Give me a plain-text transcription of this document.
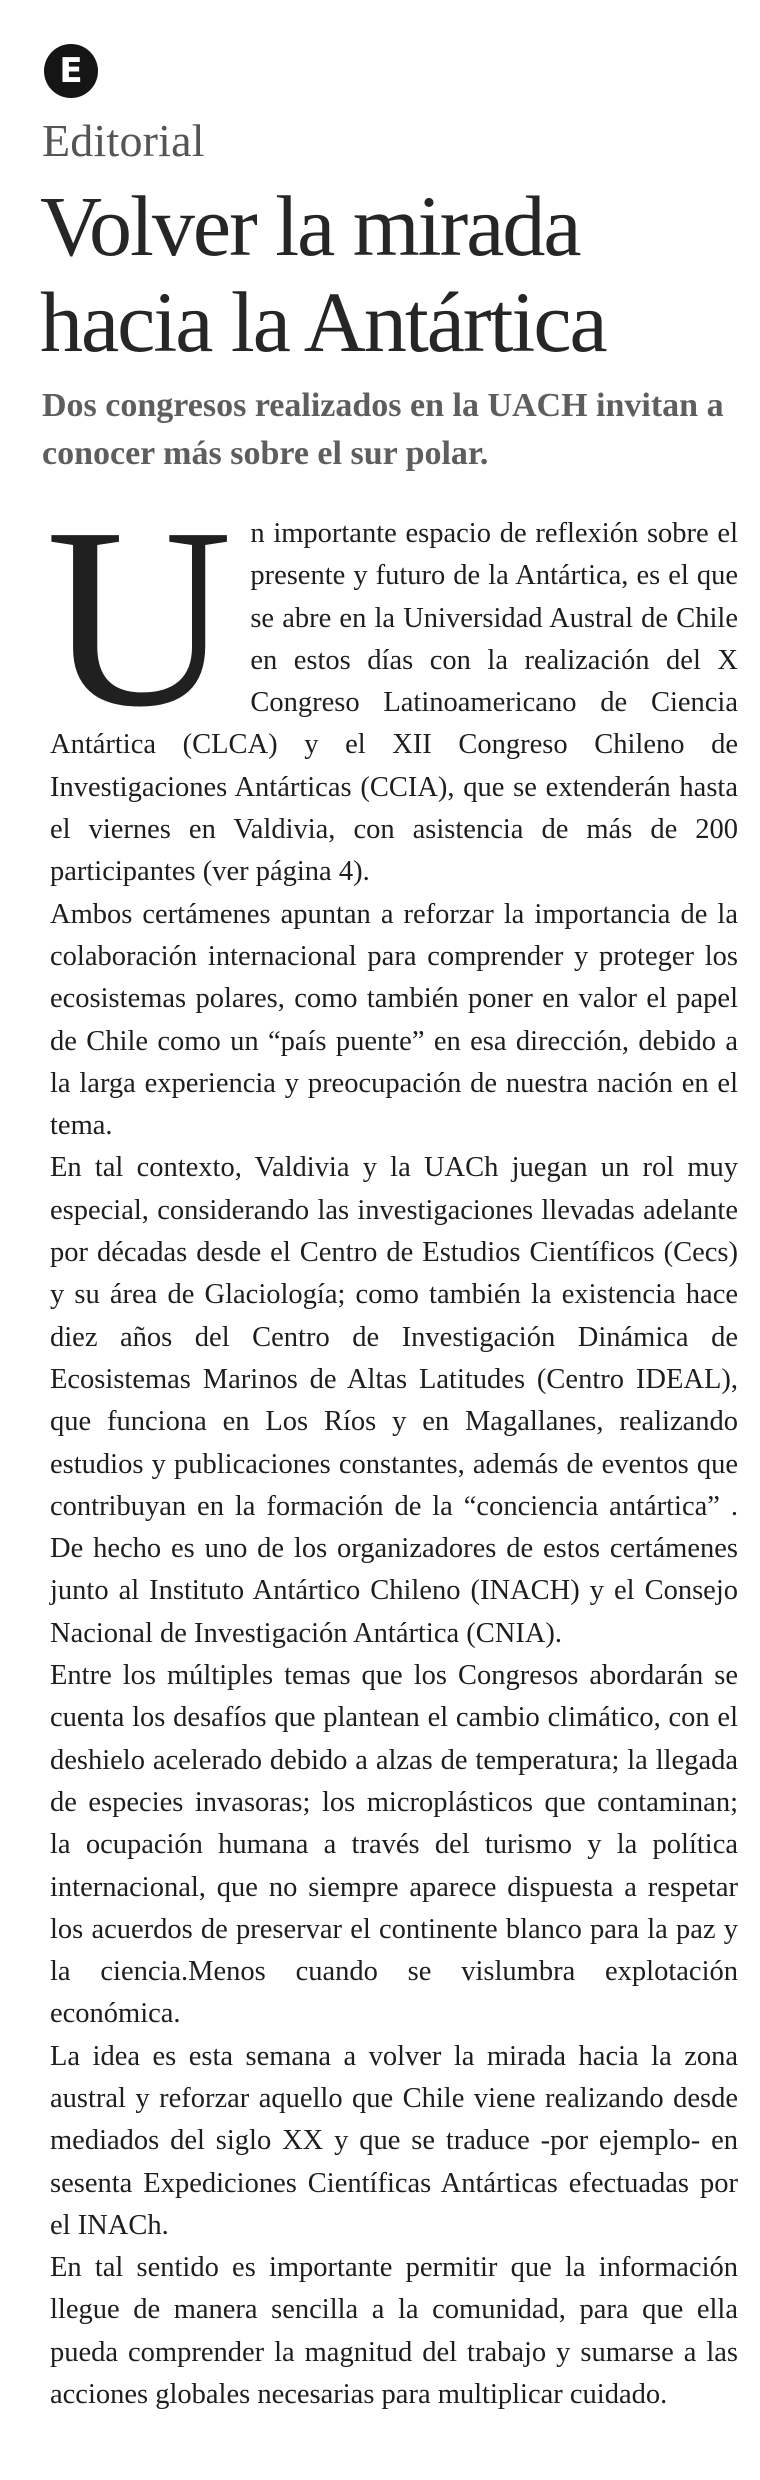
E
Editorial
Volver la mirada hacia la Antártica

Dos congresos realizados en la UACH invitan a conocer más sobre el sur polar.

U n importante espacio de reflexión sobre el presente y futuro de la Antártica, es el que se abre en la Universidad Austral de Chile en estos días con la realización del X Congreso Latinoamericano de Ciencia Antártica (CLCA) y el XII Congreso Chileno de Investigaciones Antárticas (CCIA), que se extenderán hasta el viernes en Valdivia, con asistencia de más de 200 participantes (ver página 4).

Ambos certámenes apuntan a reforzar la importancia de la colaboración internacional para comprender y proteger los ecosistemas polares, como también poner en valor el papel de Chile como un “país puente” en esa dirección, debido a la larga experiencia y preocupación de nuestra nación en el tema.

En tal contexto, Valdivia y la UACh juegan un rol muy especial, considerando las investigaciones llevadas adelante por décadas desde el Centro de Estudios Científicos (Cecs) y su área de Glaciología; como también la existencia hace diez años del Centro de Investigación Dinámica de Ecosistemas Marinos de Altas Latitudes (Centro IDEAL), que funciona en Los Ríos y en Magallanes, realizando estudios y publicaciones constantes, además de eventos que contribuyan en la formación de la “conciencia antártica” . De hecho es uno de los organizadores de estos certámenes junto al Instituto Antártico Chileno (INACH) y el Consejo Nacional de Investigación Antártica (CNIA).

Entre los múltiples temas que los Congresos abordarán se cuenta los desafíos que plantean el cambio climático, con el deshielo acelerado debido a alzas de temperatura; la llegada de especies invasoras; los microplásticos que contaminan; la ocupación humana a través del turismo y la política internacional, que no siempre aparece dispuesta a respetar los acuerdos de preservar el continente blanco para la paz y la ciencia.Menos cuando se vislumbra explotación económica.

La idea es esta semana a volver la mirada hacia la zona austral y reforzar aquello que Chile viene realizando desde mediados del siglo XX y que se traduce -por ejemplo- en sesenta Expediciones Científicas Antárticas efectuadas por el INACh.

En tal sentido es importante permitir que la información llegue de manera sencilla a la comunidad, para que ella pueda comprender la magnitud del trabajo y sumarse a las acciones globales necesarias para multiplicar cuidado.
